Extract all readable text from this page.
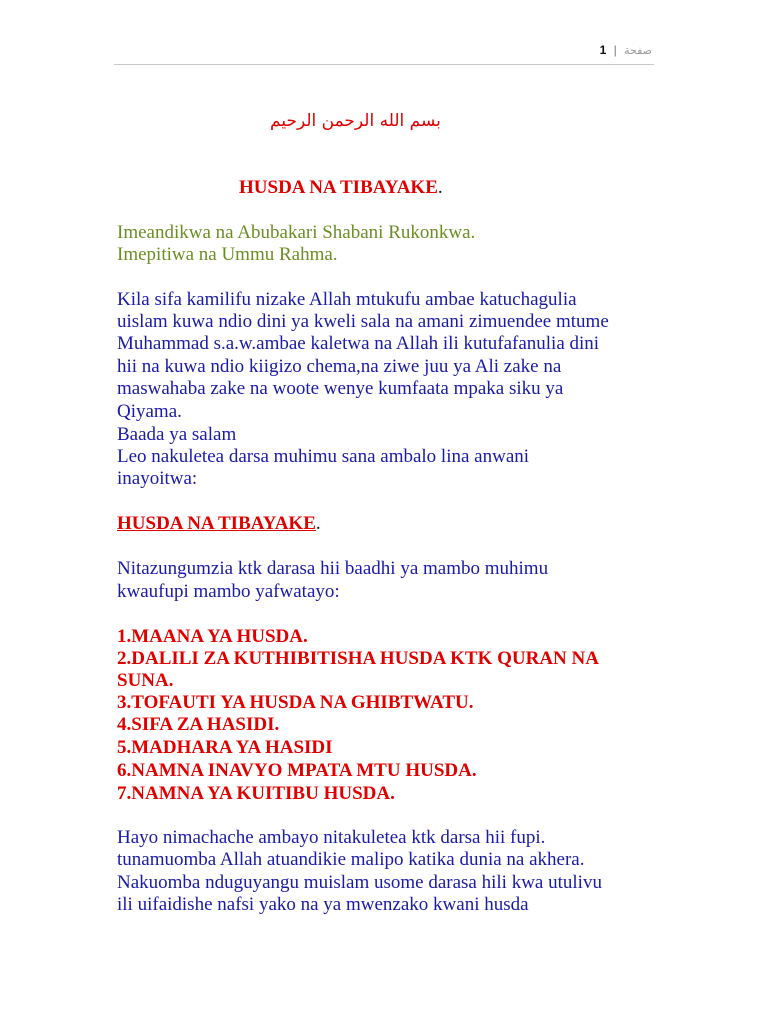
صفحة | 1
بسم الله الرحمن الرحيم
HUSDA NA TIBAYAKE.
Imeandikwa na Abubakari Shabani Rukonkwa.
Imepitiwa na Ummu Rahma.
Kila sifa kamilifu nizake Allah mtukufu ambae katuchagulia
uislam kuwa ndio dini ya kweli sala na amani zimuendee mtume
Muhammad s.a.w.ambae kaletwa na Allah ili kutufafanulia dini
hii na kuwa ndio kiigizo chema,na ziwe juu ya Ali zake na
maswahaba zake na woote wenye kumfaata mpaka siku ya
Qiyama.
Baada ya salam
Leo nakuletea darsa muhimu sana ambalo lina anwani
inayoitwa:
HUSDA NA TIBAYAKE.
Nitazungumzia ktk darasa hii baadhi ya mambo muhimu
kwaufupi mambo yafwatayo:
1.MAANA YA HUSDA.
2.DALILI ZA KUTHIBITISHA HUSDA KTK QURAN NA
SUNA.
3.TOFAUTI YA HUSDA NA GHIBTWATU.
4.SIFA ZA HASIDI.
5.MADHARA YA HASIDI
6.NAMNA INAVYO MPATA MTU HUSDA.
7.NAMNA YA KUITIBU HUSDA.
Hayo nimachache ambayo nitakuletea ktk darsa hii fupi.
tunamuomba Allah atuandikie malipo katika dunia na akhera.
Nakuomba nduguyangu muislam usome darasa hili kwa utulivu
ili uifaidishe nafsi yako na ya mwenzako kwani husda
